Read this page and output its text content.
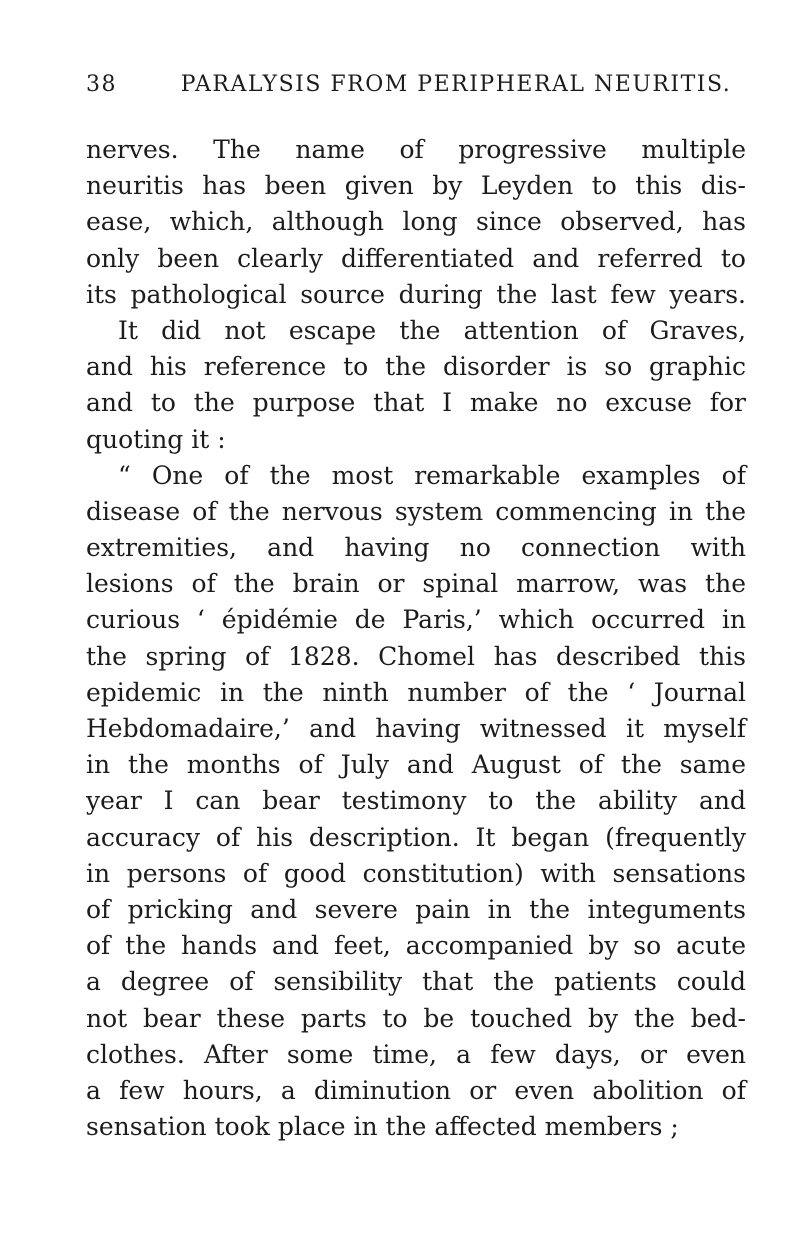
38	PARALYSIS FROM PERIPHERAL NEURITIS.
nerves. The name of progressive multiple
neuritis has been given by Leyden to this dis-
ease, which, although long since observed, has
only been clearly differentiated and referred to
its pathological source during the last few years.
It did not escape the attention of Graves,
and his reference to the disorder is so graphic
and to the purpose that I make no excuse for
quoting it :
“ One of the most remarkable examples of
disease of the nervous system commencing in the
extremities, and having no connection with
lesions of the brain or spinal marrow, was the
curious ‘ épidémie de Paris,’ which occurred in
the spring of 1828. Chomel has described this
epidemic in the ninth number of the ‘ Journal
Hebdomadaire,’ and having witnessed it myself
in the months of July and August of the same
year I can bear testimony to the ability and
accuracy of his description. It began (frequently
in persons of good constitution) with sensations
of pricking and severe pain in the integuments
of the hands and feet, accompanied by so acute
a degree of sensibility that the patients could
not bear these parts to be touched by the bed-
clothes. After some time, a few days, or even
a few hours, a diminution or even abolition of
sensation took place in the affected members ;
